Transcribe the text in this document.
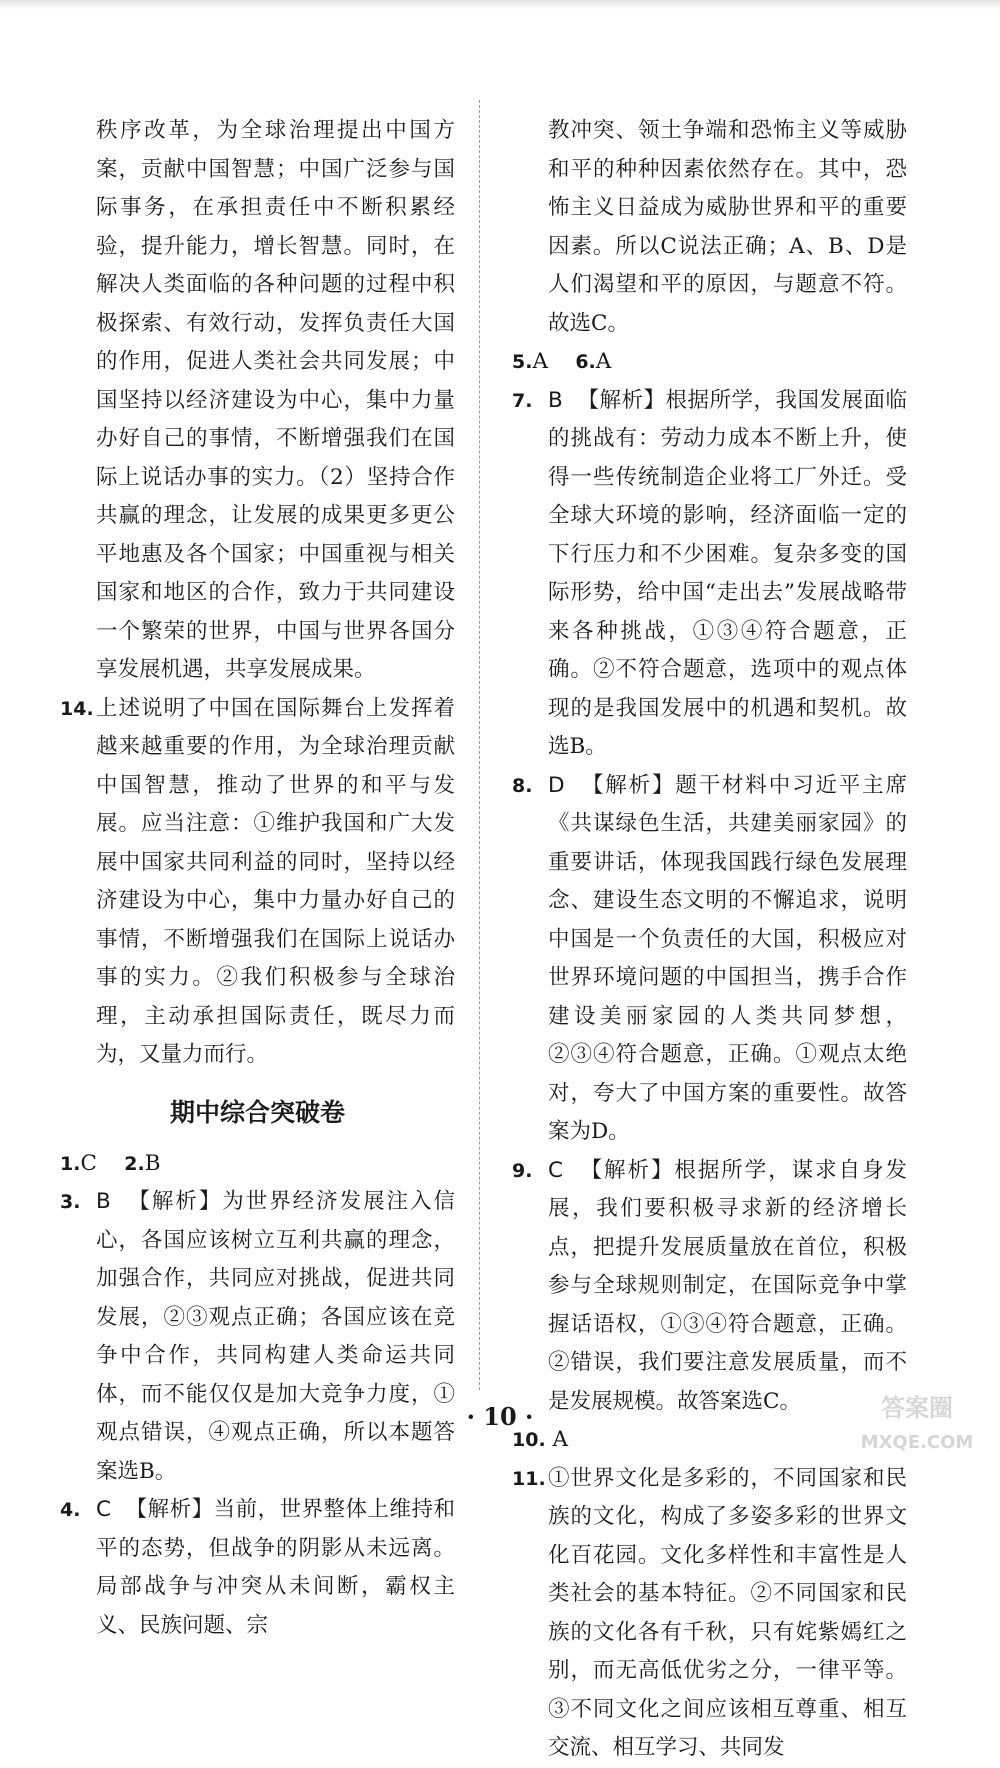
秩序改革，为全球治理提出中国方案，贡献中国智慧；中国广泛参与国际事务，在承担责任中不断积累经验，提升能力，增长智慧。同时，在解决人类面临的各种问题的过程中积极探索、有效行动，发挥负责任大国的作用，促进人类社会共同发展；中国坚持以经济建设为中心，集中力量办好自己的事情，不断增强我们在国际上说话办事的实力。（2）坚持合作共赢的理念，让发展的成果更多更公平地惠及各个国家；中国重视与相关国家和地区的合作，致力于共同建设一个繁荣的世界，中国与世界各国分享发展机遇，共享发展成果。

14. 上述说明了中国在国际舞台上发挥着越来越重要的作用，为全球治理贡献中国智慧，推动了世界的和平与发展。应当注意：①维护我国和广大发展中国家共同利益的同时，坚持以经济建设为中心，集中力量办好自己的事情，不断增强我们在国际上说话办事的实力。②我们积极参与全球治理，主动承担国际责任，既尽力而为，又量力而行。
期中综合突破卷

1.C 2.B

3. B 【解析】为世界经济发展注入信心，各国应该树立互利共赢的理念，加强合作，共同应对挑战，促进共同发展，②③观点正确；各国应该在竞争中合作，共同构建人类命运共同体，而不能仅仅是加大竞争力度，①观点错误，④观点正确，所以本题答案选B。
4. C 【解析】当前，世界整体上维持和平的态势，但战争的阴影从未远离。局部战争与冲突从未间断，霸权主义、民族问题、宗

教冲突、领土争端和恐怖主义等威胁和平的种种因素依然存在。其中，恐怖主义日益成为威胁世界和平的重要因素。所以C说法正确；A、B、D是人们渴望和平的原因，与题意不符。故选C。

5.A 6.A

7. B 【解析】根据所学，我国发展面临的挑战有：劳动力成本不断上升，使得一些传统制造企业将工厂外迁。受全球大环境的影响，经济面临一定的下行压力和不少困难。复杂多变的国际形势，给中国“走出去”发展战略带来各种挑战，①③④符合题意，正确。②不符合题意，选项中的观点体现的是我国发展中的机遇和契机。故选B。
8. D 【解析】题干材料中习近平主席《共谋绿色生活，共建美丽家园》的重要讲话，体现我国践行绿色发展理念、建设生态文明的不懈追求，说明中国是一个负责任的大国，积极应对世界环境问题的中国担当，携手合作建设美丽家园的人类共同梦想，②③④符合题意，正确。①观点太绝对，夸大了中国方案的重要性。故答案为D。
9. C 【解析】根据所学，谋求自身发展，我们要积极寻求新的经济增长点，把提升发展质量放在首位，积极参与全球规则制定，在国际竞争中掌握话语权，①③④符合题意，正确。②错误，我们要注意发展质量，而不是发展规模。故答案选C。

10. A

11. ①世界文化是多彩的，不同国家和民族的文化，构成了多姿多彩的世界文化百花园。文化多样性和丰富性是人类社会的基本特征。②不同国家和民族的文化各有千秋，只有姹紫嫣红之别，而无高低优劣之分，一律平等。③不同文化之间应该相互尊重、相互交流、相互学习、共同发
· 10 ·	答案圈
MXQE.COM
